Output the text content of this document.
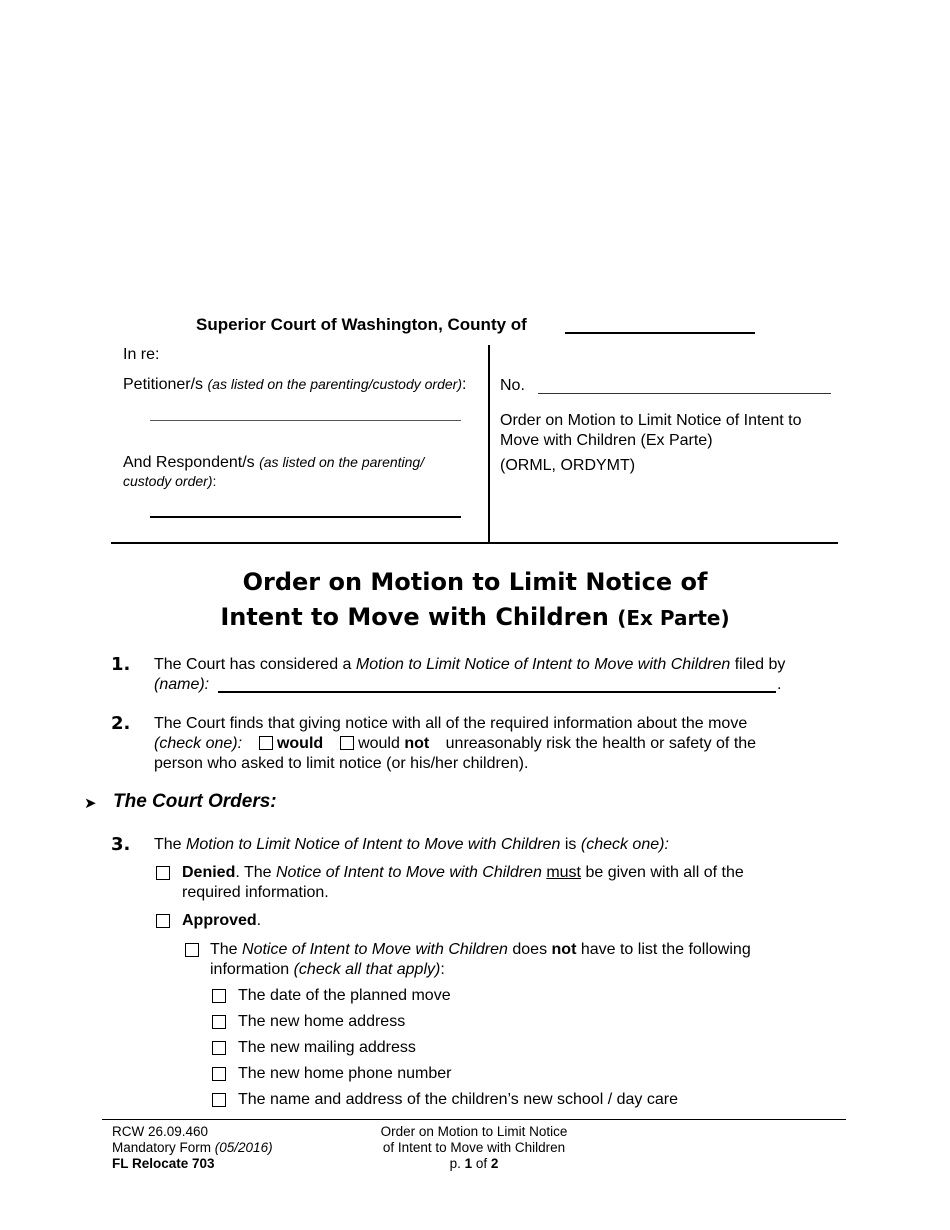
Superior Court of Washington, County of
In re:
Petitioner/s (as listed on the parenting/custody order):
And Respondent/s (as listed on the parenting/
custody order):
No.
Order on Motion to Limit Notice of Intent to
Move with Children (Ex Parte)
(ORML, ORDYMT)
Order on Motion to Limit Notice of
Intent to Move with Children (Ex Parte)
1. The Court has considered a Motion to Limit Notice of Intent to Move with Children filed by
(name):	.
2. The Court finds that giving notice with all of the required information about the move
(check one): would would not unreasonably risk the health or safety of the
person who asked to limit notice (or his/her children).
➤ The Court Orders:
3. The Motion to Limit Notice of Intent to Move with Children is (check one):
Denied. The Notice of Intent to Move with Children must be given with all of the
required information.
Approved.
The Notice of Intent to Move with Children does not have to list the following
information (check all that apply):
The date of the planned move
The new home address
The new mailing address
The new home phone number
The name and address of the children’s new school / day care
RCW 26.09.460
Mandatory Form (05/2016)
FL Relocate 703
Order on Motion to Limit Notice
of Intent to Move with Children
p. 1 of 2
